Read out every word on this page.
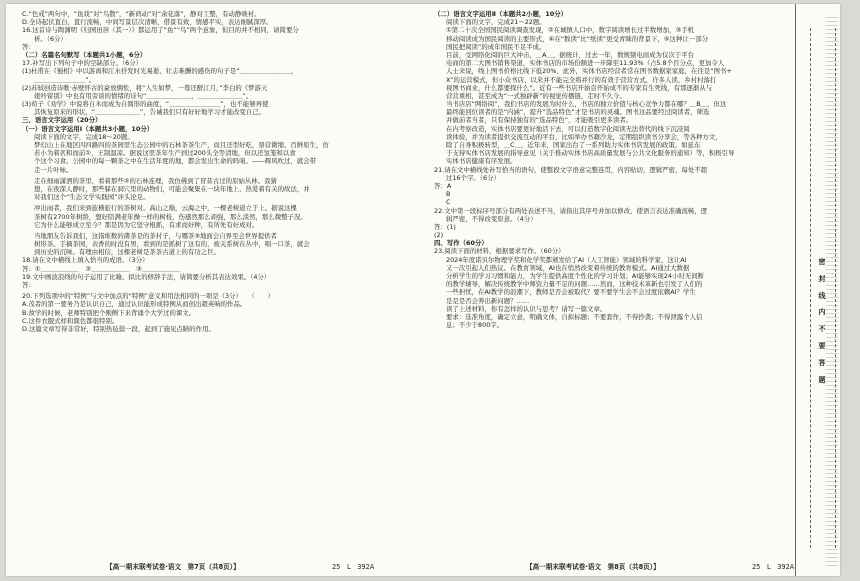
C.“色戒”两句中，“鱼戏”对“鸟散”，“新荷动”对“余花落”，静对工整，有动静映衬。
D.全诗起伏直白，直行流畅，中间写景层次清晰，借景有致，情感平实，表达细腻深厚。
16.这首诗与陶渊明《归园田居（其一）》都运用了“鱼”“鸟”两个意象，但目的并不相同，请简要分
析。（6分）
答：
（二）名篇名句默写（本题共1小题，6分）
17.补写出下列句子中的空缺部分。（6分）
(1)杜甫在《蜀相》中以游离和江水抒发时光易逝、壮志难酬的感伤的句子是“＿＿＿＿＿＿＿＿，
＿＿＿＿＿＿＿＿”。
(2)苏轼创造诗歌·赤壁怀古的豪放惆怅，将“人生如梦，一尊还酹江月，”李白的《梦游天
姥吟留别》中也有用旁谈的情绪的诗句“＿＿＿＿＿＿＿，＿＿＿＿＿＿＿”。
(3)荀子《劝学》中说将自木而成为自圆形的曲度，“＿＿＿＿＿＿＿＿”，也不能够再使
其恢复原来的形状，“＿＿＿＿＿＿＿”，告诫我们只有好好地学习才能改变自己。
三、语言文字运用（20分）
（一）语言文字运用Ⅰ（本题共3小题，10分）
阅读下面的文字，完成18～20题。
梦幻山上在地区四四路四的茶园里生态公园中的石林茶茶生产，而且还型好吃，票营微缩、百鲜原生，仿
若小为着茗和而前①，王制温凉。据说这里茶年生产到过200头全等清地，但以还氢笼和以食
个这个习食。公园中的每一颗茶之中在生活年度的地，都会发出生命的吗咱。——辉风吹过，就会带
走一片叶咏。
走在细雨潇洒的茶里，看着那些②的石林连理，我仿佛到了冒昔古过的原始丛林。我猜
想，在夜深人静时，那些躲在洞穴里的动物们，可能会聚集在一块年地上，热爱着有关的故法，并
对我们这个“生态文学实践园”评头论足。
冲出雨者，我们来到旅横旅行的茶树对。高山之巅，云海之中，一棵老树道立于上。据说这棵
茶树有2700年树龄，想好陪满老年操一样的树枝，伤感然那么顽强，那么淡然，那么微整子况。
它为什么能够成立至今？那是因为它坚守根抓，有求而好种，有所先有好成对。
当地朋友告诉我们，这指堆数的凿茶是的茶村子，与哪茶③地面会自界至会世界提供者
树形茶。手摘茶园，表香的时没有男，看到的是抓树了这有的，被关系树在丛中，唱一口茶，就会
到历史的沉味。有理由相信，这棵老树是茶茶古道上的有功之巨。
18.请在文中横线上填入恰当的成语。（3分）
答：①＿＿＿＿＿＿　②＿＿＿＿＿＿　③＿＿＿＿＿＿
19.文中画波浪线的句子运用了比喻、拟比的修辞手法，请简要分析其表达效果。（4分）
答：
20.下列选项中的“特例”与文中加点的“特例”意义和用法相同的一项是（3分）　　（　　）
A.茂者的第一要务乃是认识自己，通过认识能形成特例从而创出超英响的作品。
B.故学的时候，老师特别把个刚侧下来背诵个大学过的课文。
C.这件衣服式样和颜色都很特别。
D.这篇文章写得非常好，特别热毡鬓一段，起到了施见点睛的作用。
（二）语言文字运用Ⅱ（本题共2小题，10分）
阅读下面的文字，完成21～22题。
①第二十次全国国民阅读调查发现，②在城镇人口中，数字阅读增长过半数增加，③手机
移动阅读成为国民阅读的主要形式，④在“数读”比“纸读”更受青睐的背景下，⑤这种让一部分
国民把阅读”的成年国民不足半成。
目前，受网络化阅的巨大冲击，＿A＿，据统计，过去一年，数规频电商成为仅次于平台
电商的第二大图书销售渠道，实体书店的市场份额进一步降至11.93%（占5.8个百分点，更加令人
人士来说，线上图书价格比线下低20%，此外，实体书店经营者常在图书数据家家庭，在往是“图书+
X”的运营模式，但小众书店、以来并不能完全将并行的有效于营营方式，许多人读，乡村村落打
视图书商业，什么都要探什么”。近有一些书店开始尝开始成不的专家有生死线，有那逐渐从与
营营重相，甚至成为“一式独辟新”的视觉传播链，走时不久今。
当书店店“网络阅”，我们书店的发展为时什么，书店的独立价值与核心竞争力都在哪？＿B＿，但这
最终能回位读者的是“内涵”，提升“选品特色”才是书店的灵魂。图书这品要经过阅读者，筛选
并做前者当者，只有保持独有的“选品特色”，才能吸引更多读者。
在内考察改造，实体书店要更好地活下去，可以打造数字化阅读无法替代的线下沉浸阅
读体验，并为读者提供交流互动的平台，比如举办书籍沙龙，定期组织读书分享会，等各种方文，
除了自身积极转型，＿C＿，近年来，国家出台了一系列助力实体书店发展的政策，如延东
于支持实体书店发展的指导意见（关于推动实体书店高质量发展与公共文化服务的通知）等，积极引导
实体书店健康有序发展。
21.请在文中横线处补写恰当的语句，使整段文字语意完整连贯，内容贴切，逻辑严密，每处不超
过16个字。（6分）
答：A
B
C
22.文中第一段标序号部分有两处表述不当，请指出其序号并加以修改，使语言表达准确流畅，逻
辑严密，不得改变原意。（4分）
答：(1)
(2)
四、写作（60分）
23.阅读下面的材料，根据要求写作。（60分）
2024年度诺贝尔物理学奖和化学奖都颁发给了AI（人工智能）领域的科学家，这让AI
又一次引起人们热议。在教育领域，AI也在悄然改变着传统的教育模式。AI通过大数据
分析学生的学习习惯和能力，为学生提供高度个性化的学习计划；AI能够实现24小时无间断
的教学辅导，解决传统教学中师资力量不足的问题……然而，这种技术革新也引发了人们的
一些担忧，在AI教学的浪潮下，教师是否会被取代？要不要学生会不会过度依赖AI？学生
是是是否会养出新问题？……
读了上述材料，你有怎样的认识与思考？请写一篇文章。
要求：选准角度，确定立意，明确文体，自拟标题；不要套作，不得抄袭；不得泄露个人信
息；不少于800字。
【高一期末联考试卷·语文　第7页（共8页）】	25　L　392A	【高一期末联考试卷·语文　第8页（共8页）】	25　L　392A
密
封
线
内
不
要
答
题
